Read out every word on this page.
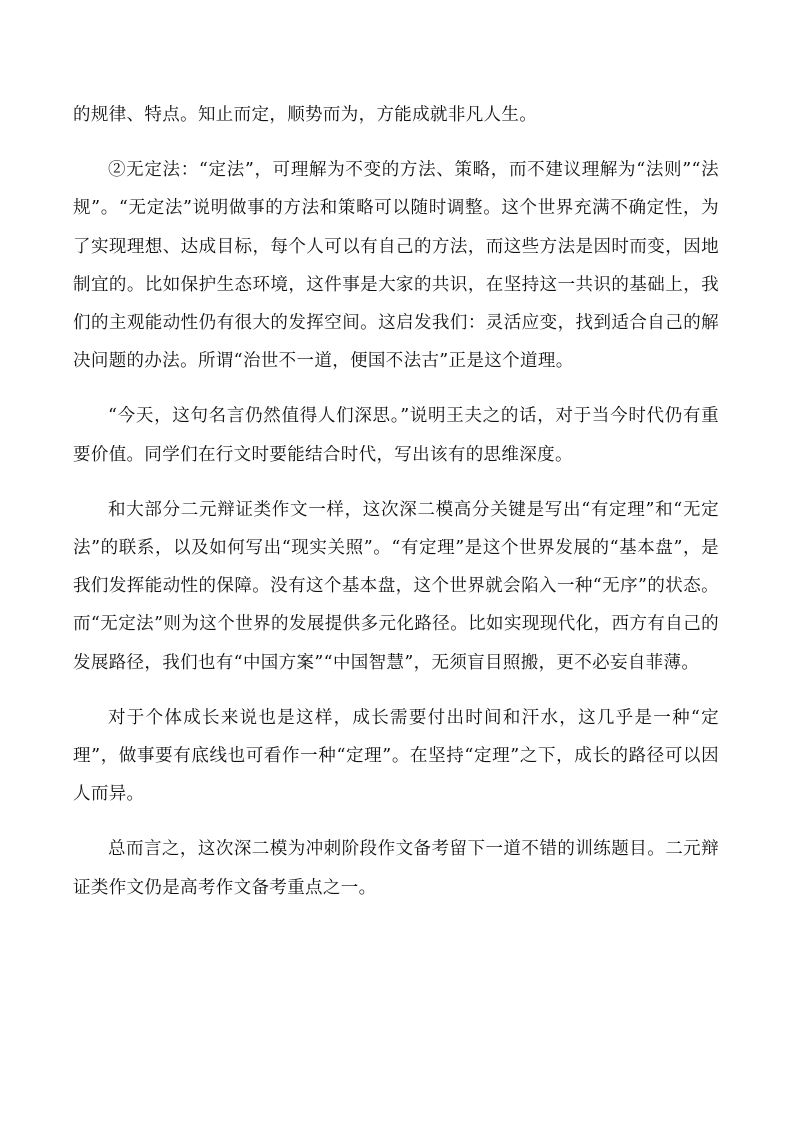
的规律、特点。知止而定，顺势而为，方能成就非凡人生。

②无定法：“定法”，可理解为不变的方法、策略，而不建议理解为“法则”“法规”。“无定法”说明做事的方法和策略可以随时调整。这个世界充满不确定性，为了实现理想、达成目标，每个人可以有自己的方法，而这些方法是因时而变，因地制宜的。比如保护生态环境，这件事是大家的共识，在坚持这一共识的基础上，我们的主观能动性仍有很大的发挥空间。这启发我们：灵活应变，找到适合自己的解决问题的办法。所谓“治世不一道，便国不法古”正是这个道理。

“今天，这句名言仍然值得人们深思。”说明王夫之的话，对于当今时代仍有重要价值。同学们在行文时要能结合时代，写出该有的思维深度。

和大部分二元辩证类作文一样，这次深二模高分关键是写出“有定理”和“无定法”的联系，以及如何写出“现实关照”。“有定理”是这个世界发展的“基本盘”，是我们发挥能动性的保障。没有这个基本盘，这个世界就会陷入一种“无序”的状态。而“无定法”则为这个世界的发展提供多元化路径。比如实现现代化，西方有自己的发展路径，我们也有“中国方案”“中国智慧”，无须盲目照搬，更不必妄自菲薄。

对于个体成长来说也是这样，成长需要付出时间和汗水，这几乎是一种“定理”，做事要有底线也可看作一种“定理”。在坚持“定理”之下，成长的路径可以因人而异。

总而言之，这次深二模为冲刺阶段作文备考留下一道不错的训练题目。二元辩证类作文仍是高考作文备考重点之一。
